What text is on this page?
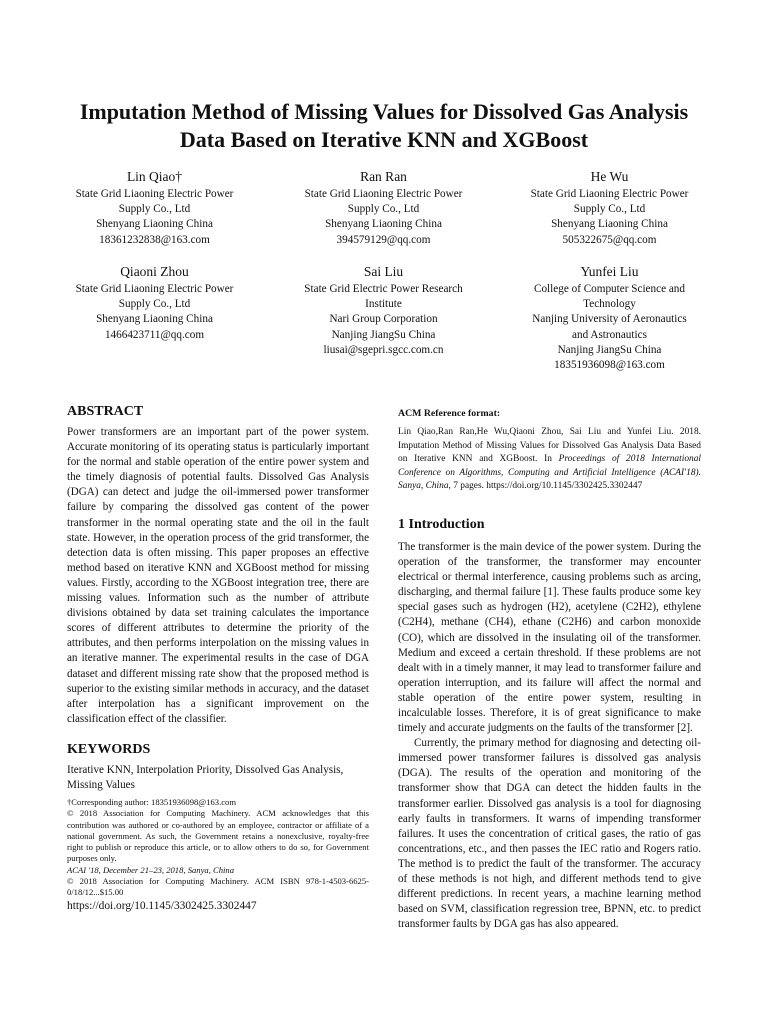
Imputation Method of Missing Values for Dissolved Gas Analysis
Data Based on Iterative KNN and XGBoost
Lin Qiao†
State Grid Liaoning Electric Power
Supply Co., Ltd
Shenyang Liaoning China
18361232838@163.com
Ran Ran
State Grid Liaoning Electric Power
Supply Co., Ltd
Shenyang Liaoning China
394579129@qq.com
He Wu
State Grid Liaoning Electric Power
Supply Co., Ltd
Shenyang Liaoning China
505322675@qq.com
Qiaoni Zhou
State Grid Liaoning Electric Power
Supply Co., Ltd
Shenyang Liaoning China
1466423711@qq.com
Sai Liu
State Grid Electric Power Research
Institute
Nari Group Corporation
Nanjing JiangSu China
liusai@sgepri.sgcc.com.cn
Yunfei Liu
College of Computer Science and
Technology
Nanjing University of Aeronautics
and Astronautics
Nanjing JiangSu China
18351936098@163.com
ABSTRACT

Power transformers are an important part of the power system. Accurate monitoring of its operating status is particularly important for the normal and stable operation of the entire power system and the timely diagnosis of potential faults. Dissolved Gas Analysis (DGA) can detect and judge the oil-immersed power transformer failure by comparing the dissolved gas content of the power transformer in the normal operating state and the oil in the fault state. However, in the operation process of the grid transformer, the detection data is often missing. This paper proposes an effective method based on iterative KNN and XGBoost method for missing values. Firstly, according to the XGBoost integration tree, there are missing values. Information such as the number of attribute divisions obtained by data set training calculates the importance scores of different attributes to determine the priority of the attributes, and then performs interpolation on the missing values in an iterative manner. The experimental results in the case of DGA dataset and different missing rate show that the proposed method is superior to the existing similar methods in accuracy, and the dataset after interpolation has a significant improvement on the classification effect of the classifier.

KEYWORDS

Iterative KNN, Interpolation Priority, Dissolved Gas Analysis, Missing Values

†Corresponding author: 18351936098@163.com

© 2018 Association for Computing Machinery. ACM acknowledges that this contribution was authored or co-authored by an employee, contractor or affiliate of a national government. As such, the Government retains a nonexclusive, royalty-free right to publish or reproduce this article, or to allow others to do so, for Government purposes only.

ACAI '18, December 21–23, 2018, Sanya, China

© 2018 Association for Computing Machinery. ACM ISBN 978-1-4503-6625-0/18/12...$15.00

https://doi.org/10.1145/3302425.3302447

ACM Reference format:

Lin Qiao,Ran Ran,He Wu,Qiaoni Zhou, Sai Liu and Yunfei Liu. 2018. Imputation Method of Missing Values for Dissolved Gas Analysis Data Based on Iterative KNN and XGBoost. In Proceedings of 2018 International Conference on Algorithms, Computing and Artificial Intelligence (ACAI'18). Sanya, China, 7 pages. https://doi.org/10.1145/3302425.3302447

1 Introduction

The transformer is the main device of the power system. During the operation of the transformer, the transformer may encounter electrical or thermal interference, causing problems such as arcing, discharging, and thermal failure [1]. These faults produce some key special gases such as hydrogen (H2), acetylene (C2H2), ethylene (C2H4), methane (CH4), ethane (C2H6) and carbon monoxide (CO), which are dissolved in the insulating oil of the transformer. Medium and exceed a certain threshold. If these problems are not dealt with in a timely manner, it may lead to transformer failure and operation interruption, and its failure will affect the normal and stable operation of the entire power system, resulting in incalculable losses. Therefore, it is of great significance to make timely and accurate judgments on the faults of the transformer [2].

Currently, the primary method for diagnosing and detecting oil-immersed power transformer failures is dissolved gas analysis (DGA). The results of the operation and monitoring of the transformer show that DGA can detect the hidden faults in the transformer earlier. Dissolved gas analysis is a tool for diagnosing early faults in transformers. It warns of impending transformer failures. It uses the concentration of critical gases, the ratio of gas concentrations, etc., and then passes the IEC ratio and Rogers ratio. The method is to predict the fault of the transformer. The accuracy of these methods is not high, and different methods tend to give different predictions. In recent years, a machine learning method based on SVM, classification regression tree, BPNN, etc. to predict transformer faults by DGA gas has also appeared.
